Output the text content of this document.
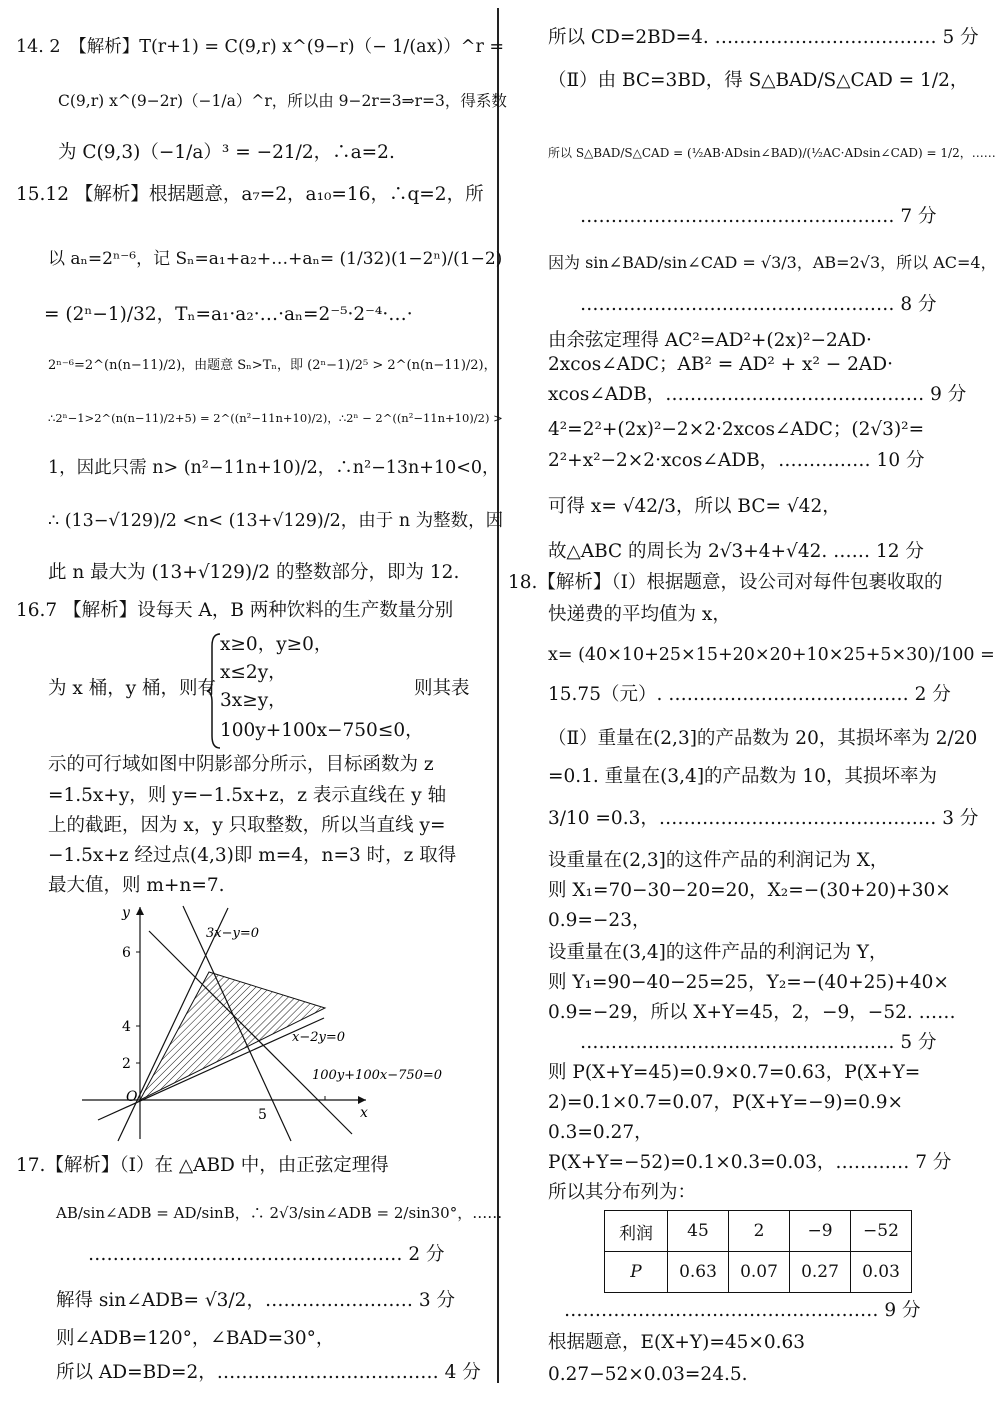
14. 2　【解析】T(r+1) = C(9,r) x^(9−r)（− 1/(ax)）^r =
C(9,r) x^(9−2r)（−1/a）^r，所以由 9−2r=3⇒r=3，得系数
为 C(9,3)（−1/a）³ = −21/2，∴a=2.
15.12 【解析】根据题意，a₇=2，a₁₀=16，∴q=2，所
以 aₙ=2ⁿ⁻⁶，记 Sₙ=a₁+a₂+…+aₙ= (1/32)(1−2ⁿ)/(1−2)
= (2ⁿ−1)/32，Tₙ=a₁·a₂·…·aₙ=2⁻⁵·2⁻⁴·…·
2ⁿ⁻⁶=2^(n(n−11)/2)，由题意 Sₙ>Tₙ，即 (2ⁿ−1)/2⁵ > 2^(n(n−11)/2)，
∴2ⁿ−1>2^(n(n−11)/2+5) = 2^((n²−11n+10)/2)，∴2ⁿ − 2^((n²−11n+10)/2) >
1，因此只需 n> (n²−11n+10)/2，∴n²−13n+10<0，
∴ (13−√129)/2 <n< (13+√129)/2，由于 n 为整数，因
此 n 最大为 (13+√129)/2 的整数部分，即为 12.
16.7 【解析】设每天 A，B 两种饮料的生产数量分别
x≥0，y≥0，
为 x 桶，y 桶，则有
x≤2y，
则其表
3x≥y，
100y+100x−750≤0，
示的可行域如图中阴影部分所示，目标函数为 z
=1.5x+y，则 y=−1.5x+z，z 表示直线在 y 轴
上的截距，因为 x，y 只取整数，所以当直线 y=
−1.5x+z 经过点(4,3)即 m=4，n=3 时，z 取得
最大值，则 m+n=7.
17.【解析】（Ⅰ）在 △ABD 中，由正弦定理得
AB/sin∠ADB = AD/sinB，∴ 2√3/sin∠ADB = 2/sin30°，……
…………………………………………… 2 分
解得 sin∠ADB= √3/2，…………………… 3 分
则∠ADB=120°，∠BAD=30°，
所以 AD=BD=2，……………………………… 4 分
y
x
O
6
4
2
5
3x−y=0
x−2y=0
100y+100x−750=0
所以 CD=2BD=4. ……………………………… 5 分
（Ⅱ）由 BC=3BD，得 S△BAD/S△CAD = 1/2，
所以 S△BAD/S△CAD = (½AB·ADsin∠BAD)/(½AC·ADsin∠CAD) = 1/2，……
…………………………………………… 7 分
因为 sin∠BAD/sin∠CAD = √3/3，AB=2√3，所以 AC=4，
…………………………………………… 8 分
由余弦定理得 AC²=AD²+(2x)²−2AD·
2xcos∠ADC；AB² = AD² + x² − 2AD·
xcos∠ADB，…………………………………… 9 分
4²=2²+(2x)²−2×2·2xcos∠ADC；(2√3)²=
2²+x²−2×2·xcos∠ADB，…………… 10 分
可得 x= √42/3，所以 BC= √42，
故△ABC 的周长为 2√3+4+√42. …… 12 分
18.【解析】（Ⅰ）根据题意，设公司对每件包裹收取的
快递费的平均值为 x，
x= (40×10+25×15+20×20+10×25+5×30)/100 =
15.75（元）. ………………………………… 2 分
（Ⅱ）重量在(2,3]的产品数为 20，其损坏率为 2/20
=0.1. 重量在(3,4]的产品数为 10，其损坏率为
3/10 =0.3，……………………………………… 3 分
设重量在(2,3]的这件产品的利润记为 X，
则 X₁=70−30−20=20，X₂=−(30+20)+30×
0.9=−23，
设重量在(3,4]的这件产品的利润记为 Y，
则 Y₁=90−40−25=25，Y₂=−(40+25)+40×
0.9=−29，所以 X+Y=45，2，−9，−52. ……
…………………………………………… 5 分
则 P(X+Y=45)=0.9×0.7=0.63，P(X+Y=
2)=0.1×0.7=0.07，P(X+Y=−9)=0.9×
0.3=0.27，
P(X+Y=−52)=0.1×0.3=0.03，………… 7 分
所以其分布列为：
利润	45	2	−9	−52
P	0.63	0.07	0.27	0.03
…………………………………………… 9 分
根据题意，E(X+Y)=45×0.63
0.27−52×0.03=24.5.
